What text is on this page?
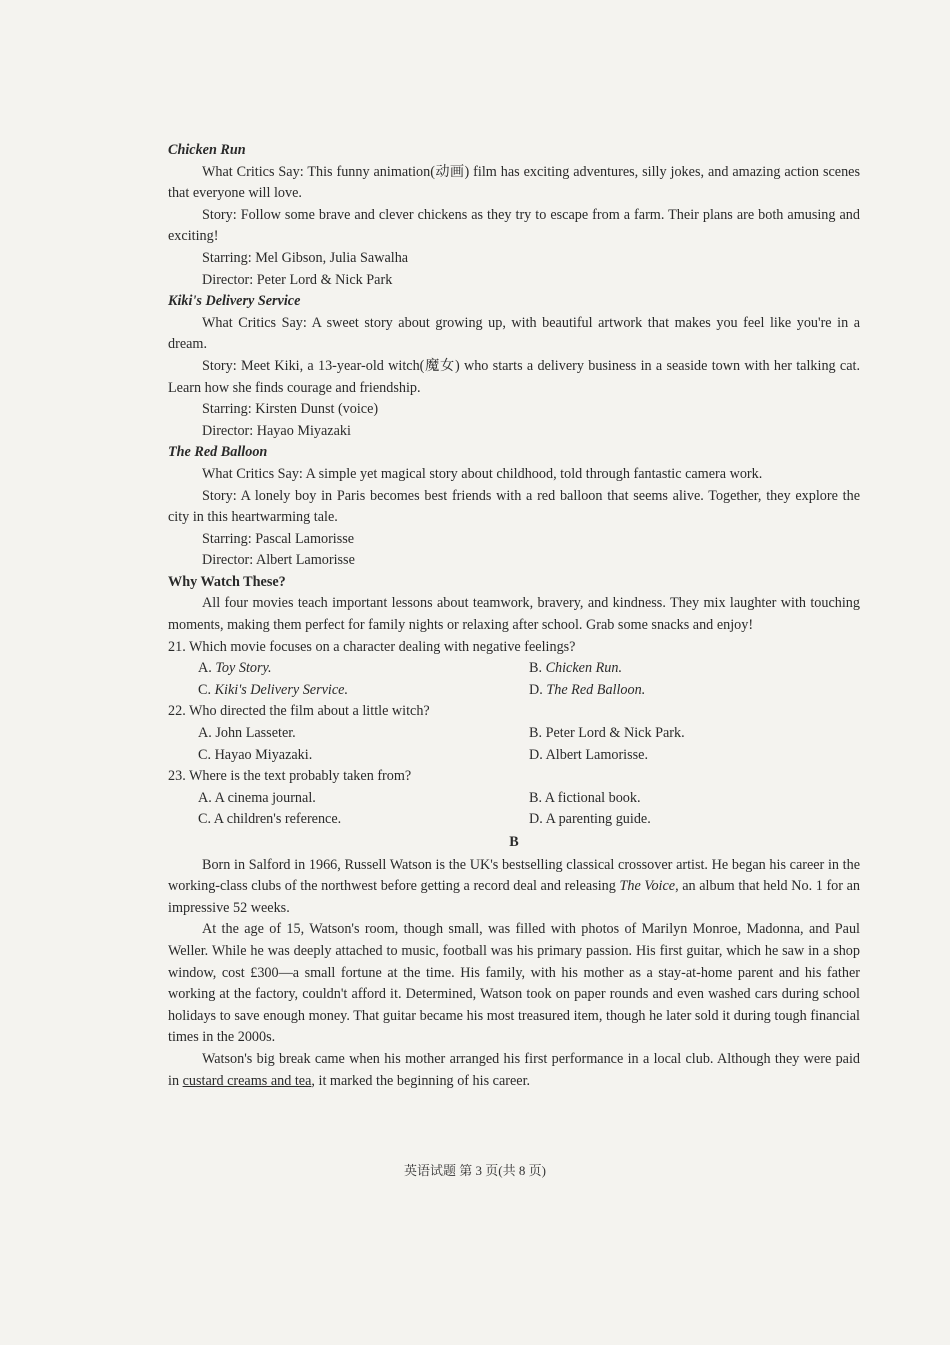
Chicken Run

What Critics Say: This funny animation(动画) film has exciting adventures, silly jokes, and amazing action scenes that everyone will love.

Story: Follow some brave and clever chickens as they try to escape from a farm. Their plans are both amusing and exciting!

Starring: Mel Gibson, Julia Sawalha

Director: Peter Lord & Nick Park

Kiki's Delivery Service

What Critics Say: A sweet story about growing up, with beautiful artwork that makes you feel like you're in a dream.

Story: Meet Kiki, a 13-year-old witch(魔女) who starts a delivery business in a seaside town with her talking cat. Learn how she finds courage and friendship.

Starring: Kirsten Dunst (voice)

Director: Hayao Miyazaki

The Red Balloon

What Critics Say: A simple yet magical story about childhood, told through fantastic camera work.

Story: A lonely boy in Paris becomes best friends with a red balloon that seems alive. Together, they explore the city in this heartwarming tale.

Starring: Pascal Lamorisse

Director: Albert Lamorisse

Why Watch These?

All four movies teach important lessons about teamwork, bravery, and kindness. They mix laughter with touching moments, making them perfect for family nights or relaxing after school. Grab some snacks and enjoy!

21. Which movie focuses on a character dealing with negative feelings?

A. Toy Story.	B. Chicken Run.
C. Kiki's Delivery Service.	D. The Red Balloon.

22. Who directed the film about a little witch?

A. John Lasseter.	B. Peter Lord & Nick Park.
C. Hayao Miyazaki.	D. Albert Lamorisse.

23. Where is the text probably taken from?

A. A cinema journal.	B. A fictional book.
C. A children's reference.	D. A parenting guide.

B

Born in Salford in 1966, Russell Watson is the UK's bestselling classical crossover artist. He began his career in the working-class clubs of the northwest before getting a record deal and releasing The Voice, an album that held No. 1 for an impressive 52 weeks.

At the age of 15, Watson's room, though small, was filled with photos of Marilyn Monroe, Madonna, and Paul Weller. While he was deeply attached to music, football was his primary passion. His first guitar, which he saw in a shop window, cost £300—a small fortune at the time. His family, with his mother as a stay-at-home parent and his father working at the factory, couldn't afford it. Determined, Watson took on paper rounds and even washed cars during school holidays to save enough money. That guitar became his most treasured item, though he later sold it during tough financial times in the 2000s.

Watson's big break came when his mother arranged his first performance in a local club. Although they were paid in custard creams and tea, it marked the beginning of his career.

英语试题 第 3 页(共 8 页)
